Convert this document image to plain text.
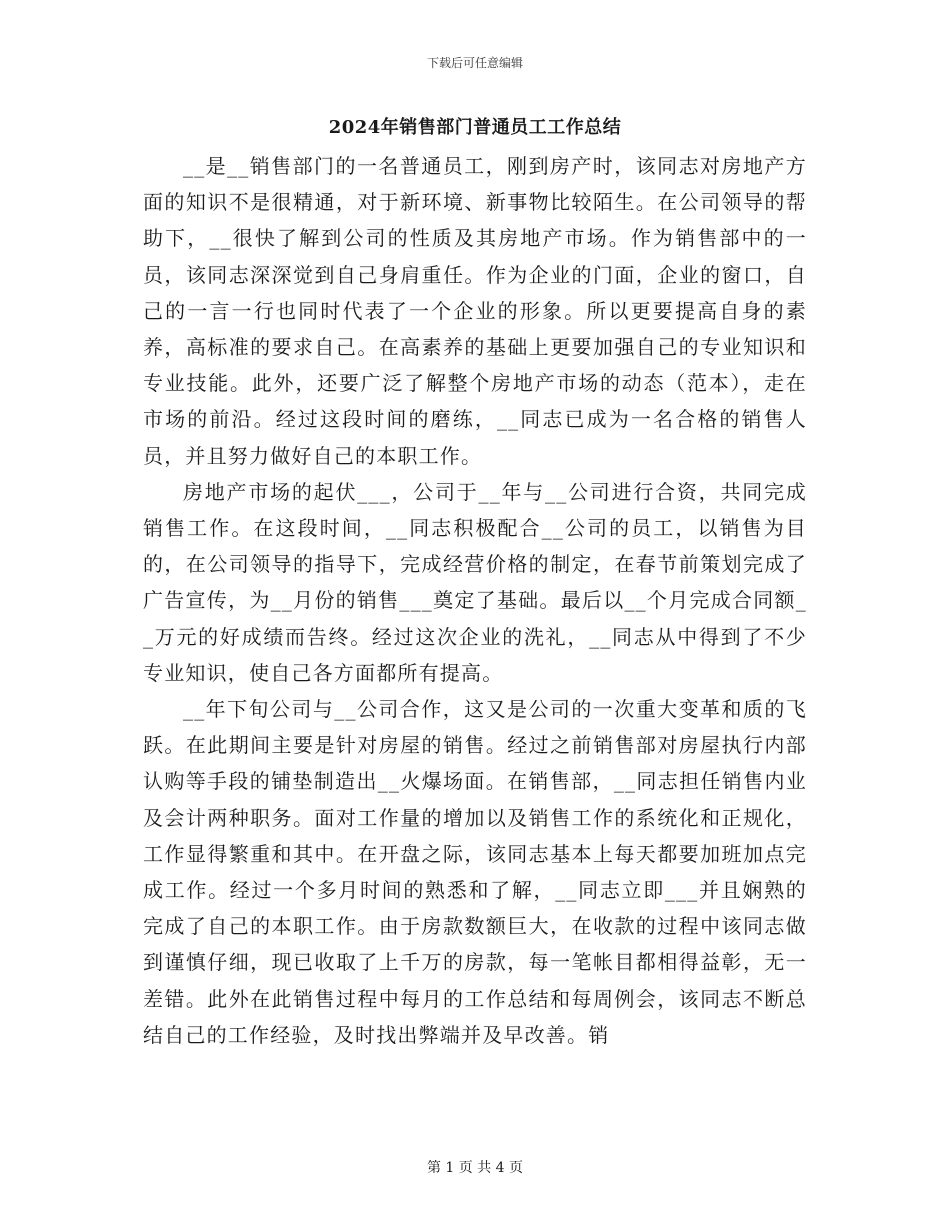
下载后可任意编辑
2024年销售部门普通员工工作总结

__是__销售部门的一名普通员工，刚到房产时，该同志对房地产方面的知识不是很精通，对于新环境、新事物比较陌生。在公司领导的帮助下，__很快了解到公司的性质及其房地产市场。作为销售部中的一员，该同志深深觉到自己身肩重任。作为企业的门面，企业的窗口，自己的一言一行也同时代表了一个企业的形象。所以更要提高自身的素养，高标准的要求自己。在高素养的基础上更要加强自己的专业知识和专业技能。此外，还要广泛了解整个房地产市场的动态（范本），走在市场的前沿。经过这段时间的磨练，__同志已成为一名合格的销售人员，并且努力做好自己的本职工作。

房地产市场的起伏___，公司于__年与__公司进行合资，共同完成销售工作。在这段时间，__同志积极配合__公司的员工，以销售为目的，在公司领导的指导下，完成经营价格的制定，在春节前策划完成了广告宣传，为__月份的销售___奠定了基础。最后以__个月完成合同额__万元的好成绩而告终。经过这次企业的洗礼，__同志从中得到了不少专业知识，使自己各方面都所有提高。

__年下旬公司与__公司合作，这又是公司的一次重大变革和质的飞跃。在此期间主要是针对房屋的销售。经过之前销售部对房屋执行内部认购等手段的铺垫制造出__火爆场面。在销售部，__同志担任销售内业及会计两种职务。面对工作量的增加以及销售工作的系统化和正规化，工作显得繁重和其中。在开盘之际，该同志基本上每天都要加班加点完成工作。经过一个多月时间的熟悉和了解，__同志立即___并且娴熟的完成了自己的本职工作。由于房款数额巨大，在收款的过程中该同志做到谨慎仔细，现已收取了上千万的房款，每一笔帐目都相得益彰，无一差错。此外在此销售过程中每月的工作总结和每周例会，该同志不断总结自己的工作经验，及时找出弊端并及早改善。销

第 1 页 共 4 页
